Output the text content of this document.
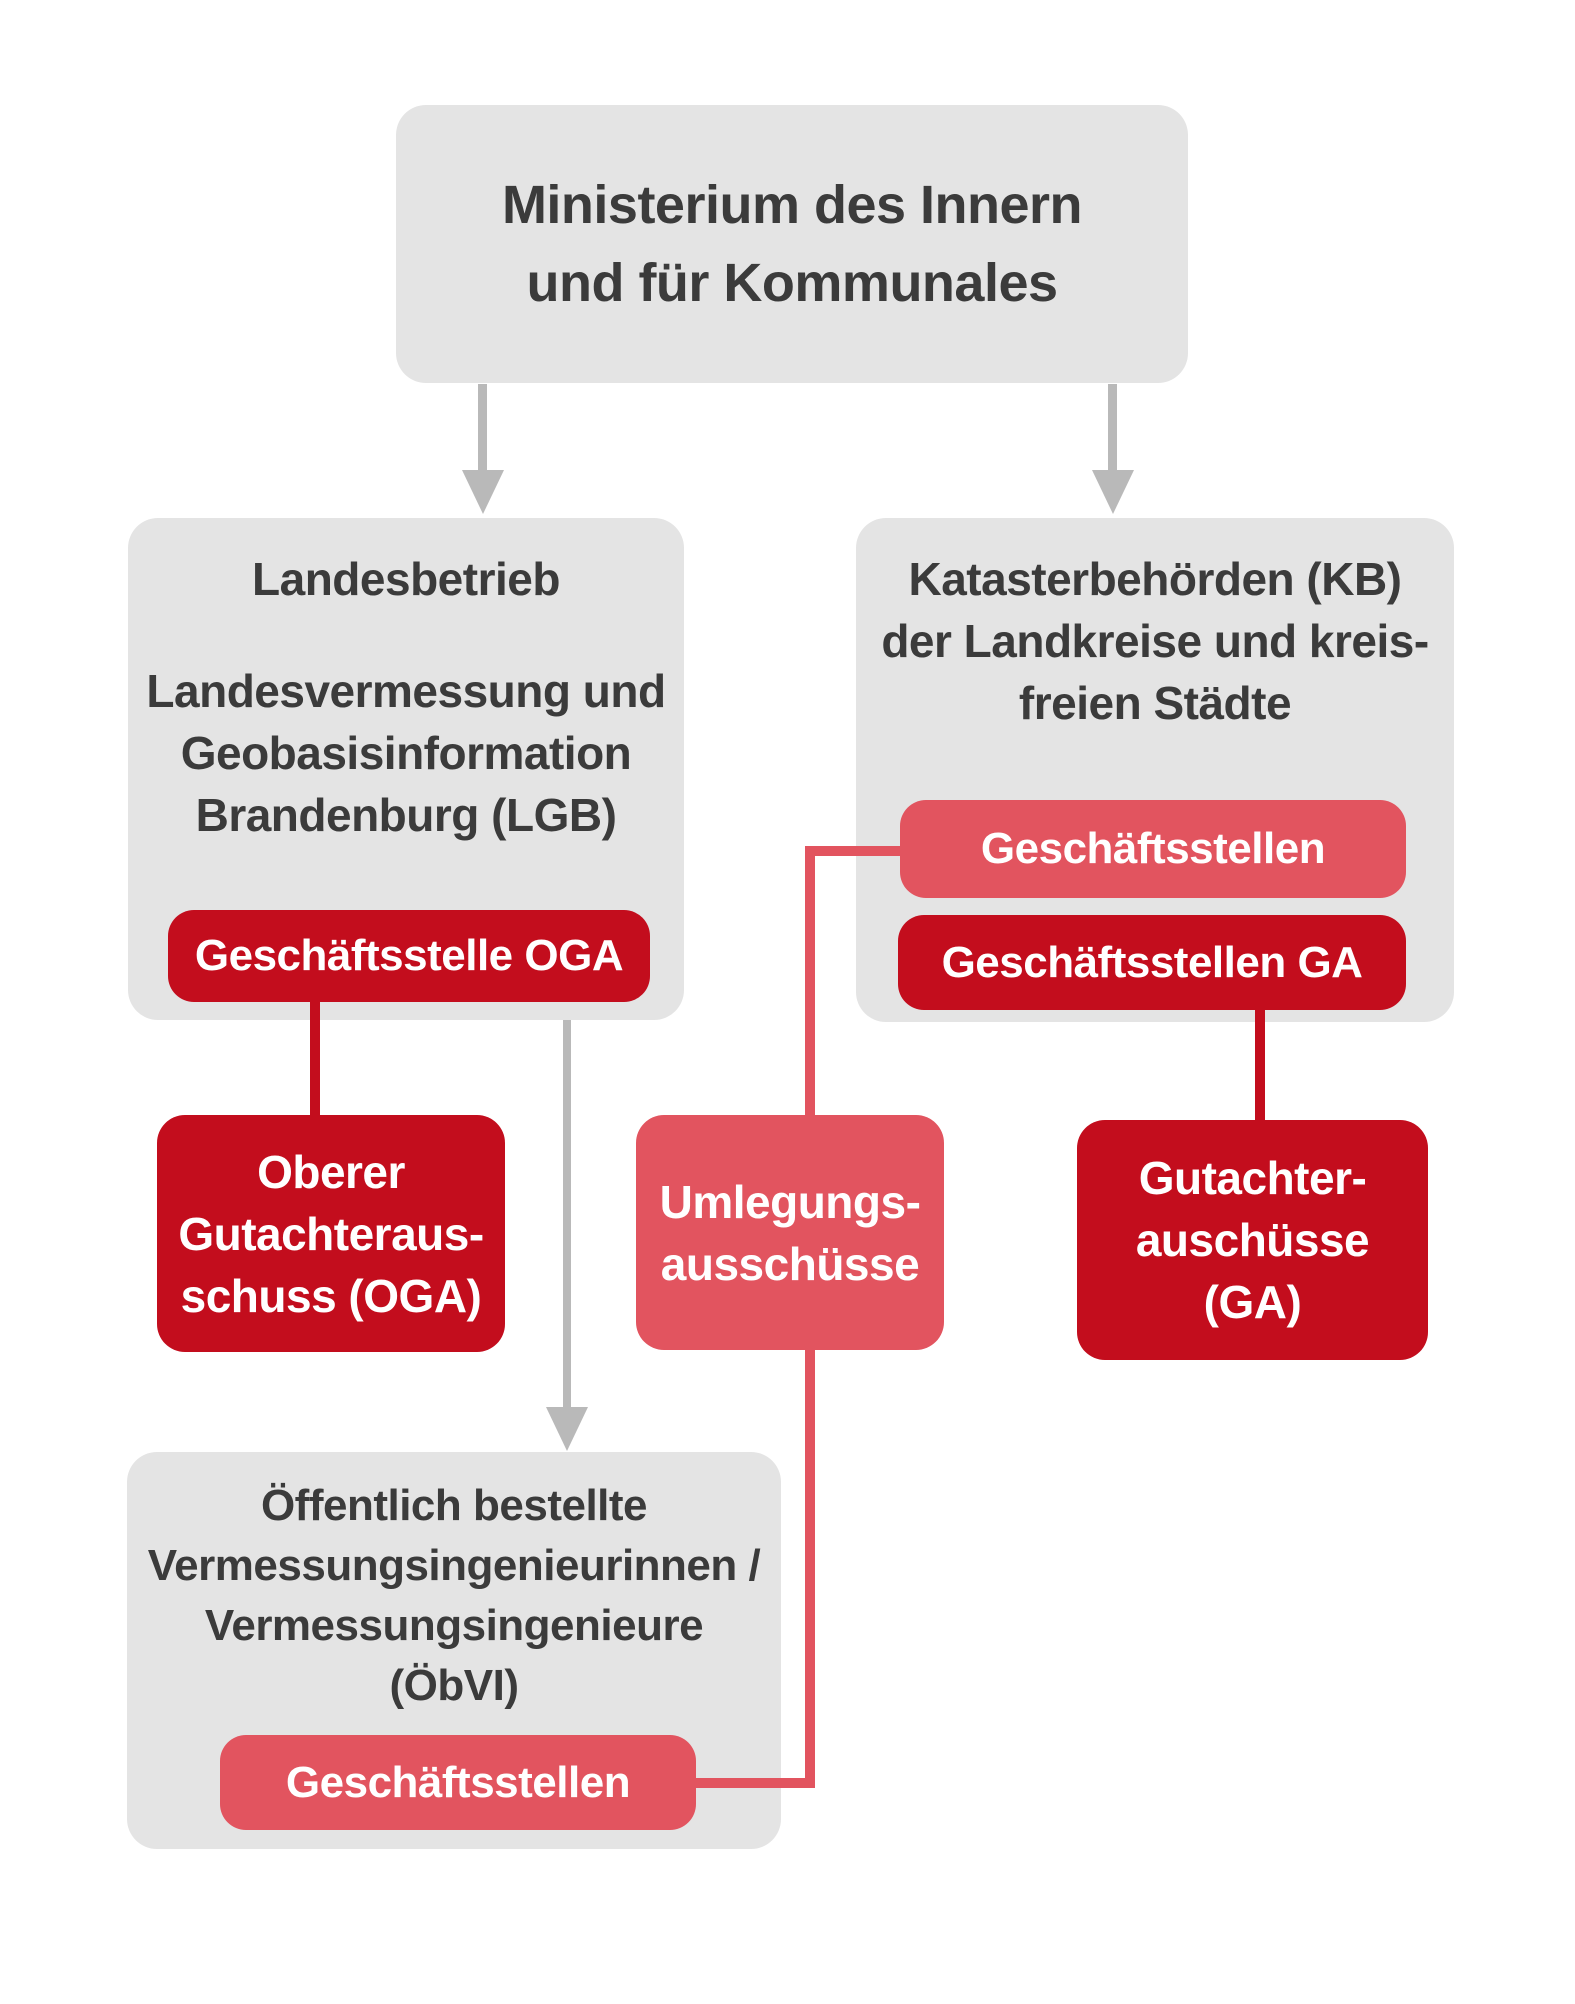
Ministerium des Innern
und für Kommunales
Landesbetrieb
Landesvermessung und
Geobasisinformation
Brandenburg (LGB)
Geschäftsstelle OGA
Katasterbehörden (KB)
der Landkreise und kreis-
freien Städte
Geschäftsstellen
Geschäftsstellen GA
Oberer
Gutachteraus-
schuss (OGA)
Umlegungs-
ausschüsse
Gutachter-
auschüsse
(GA)
Öffentlich bestellte
Vermessungsingenieurinnen /
Vermessungsingenieure
(ÖbVI)
Geschäftsstellen
